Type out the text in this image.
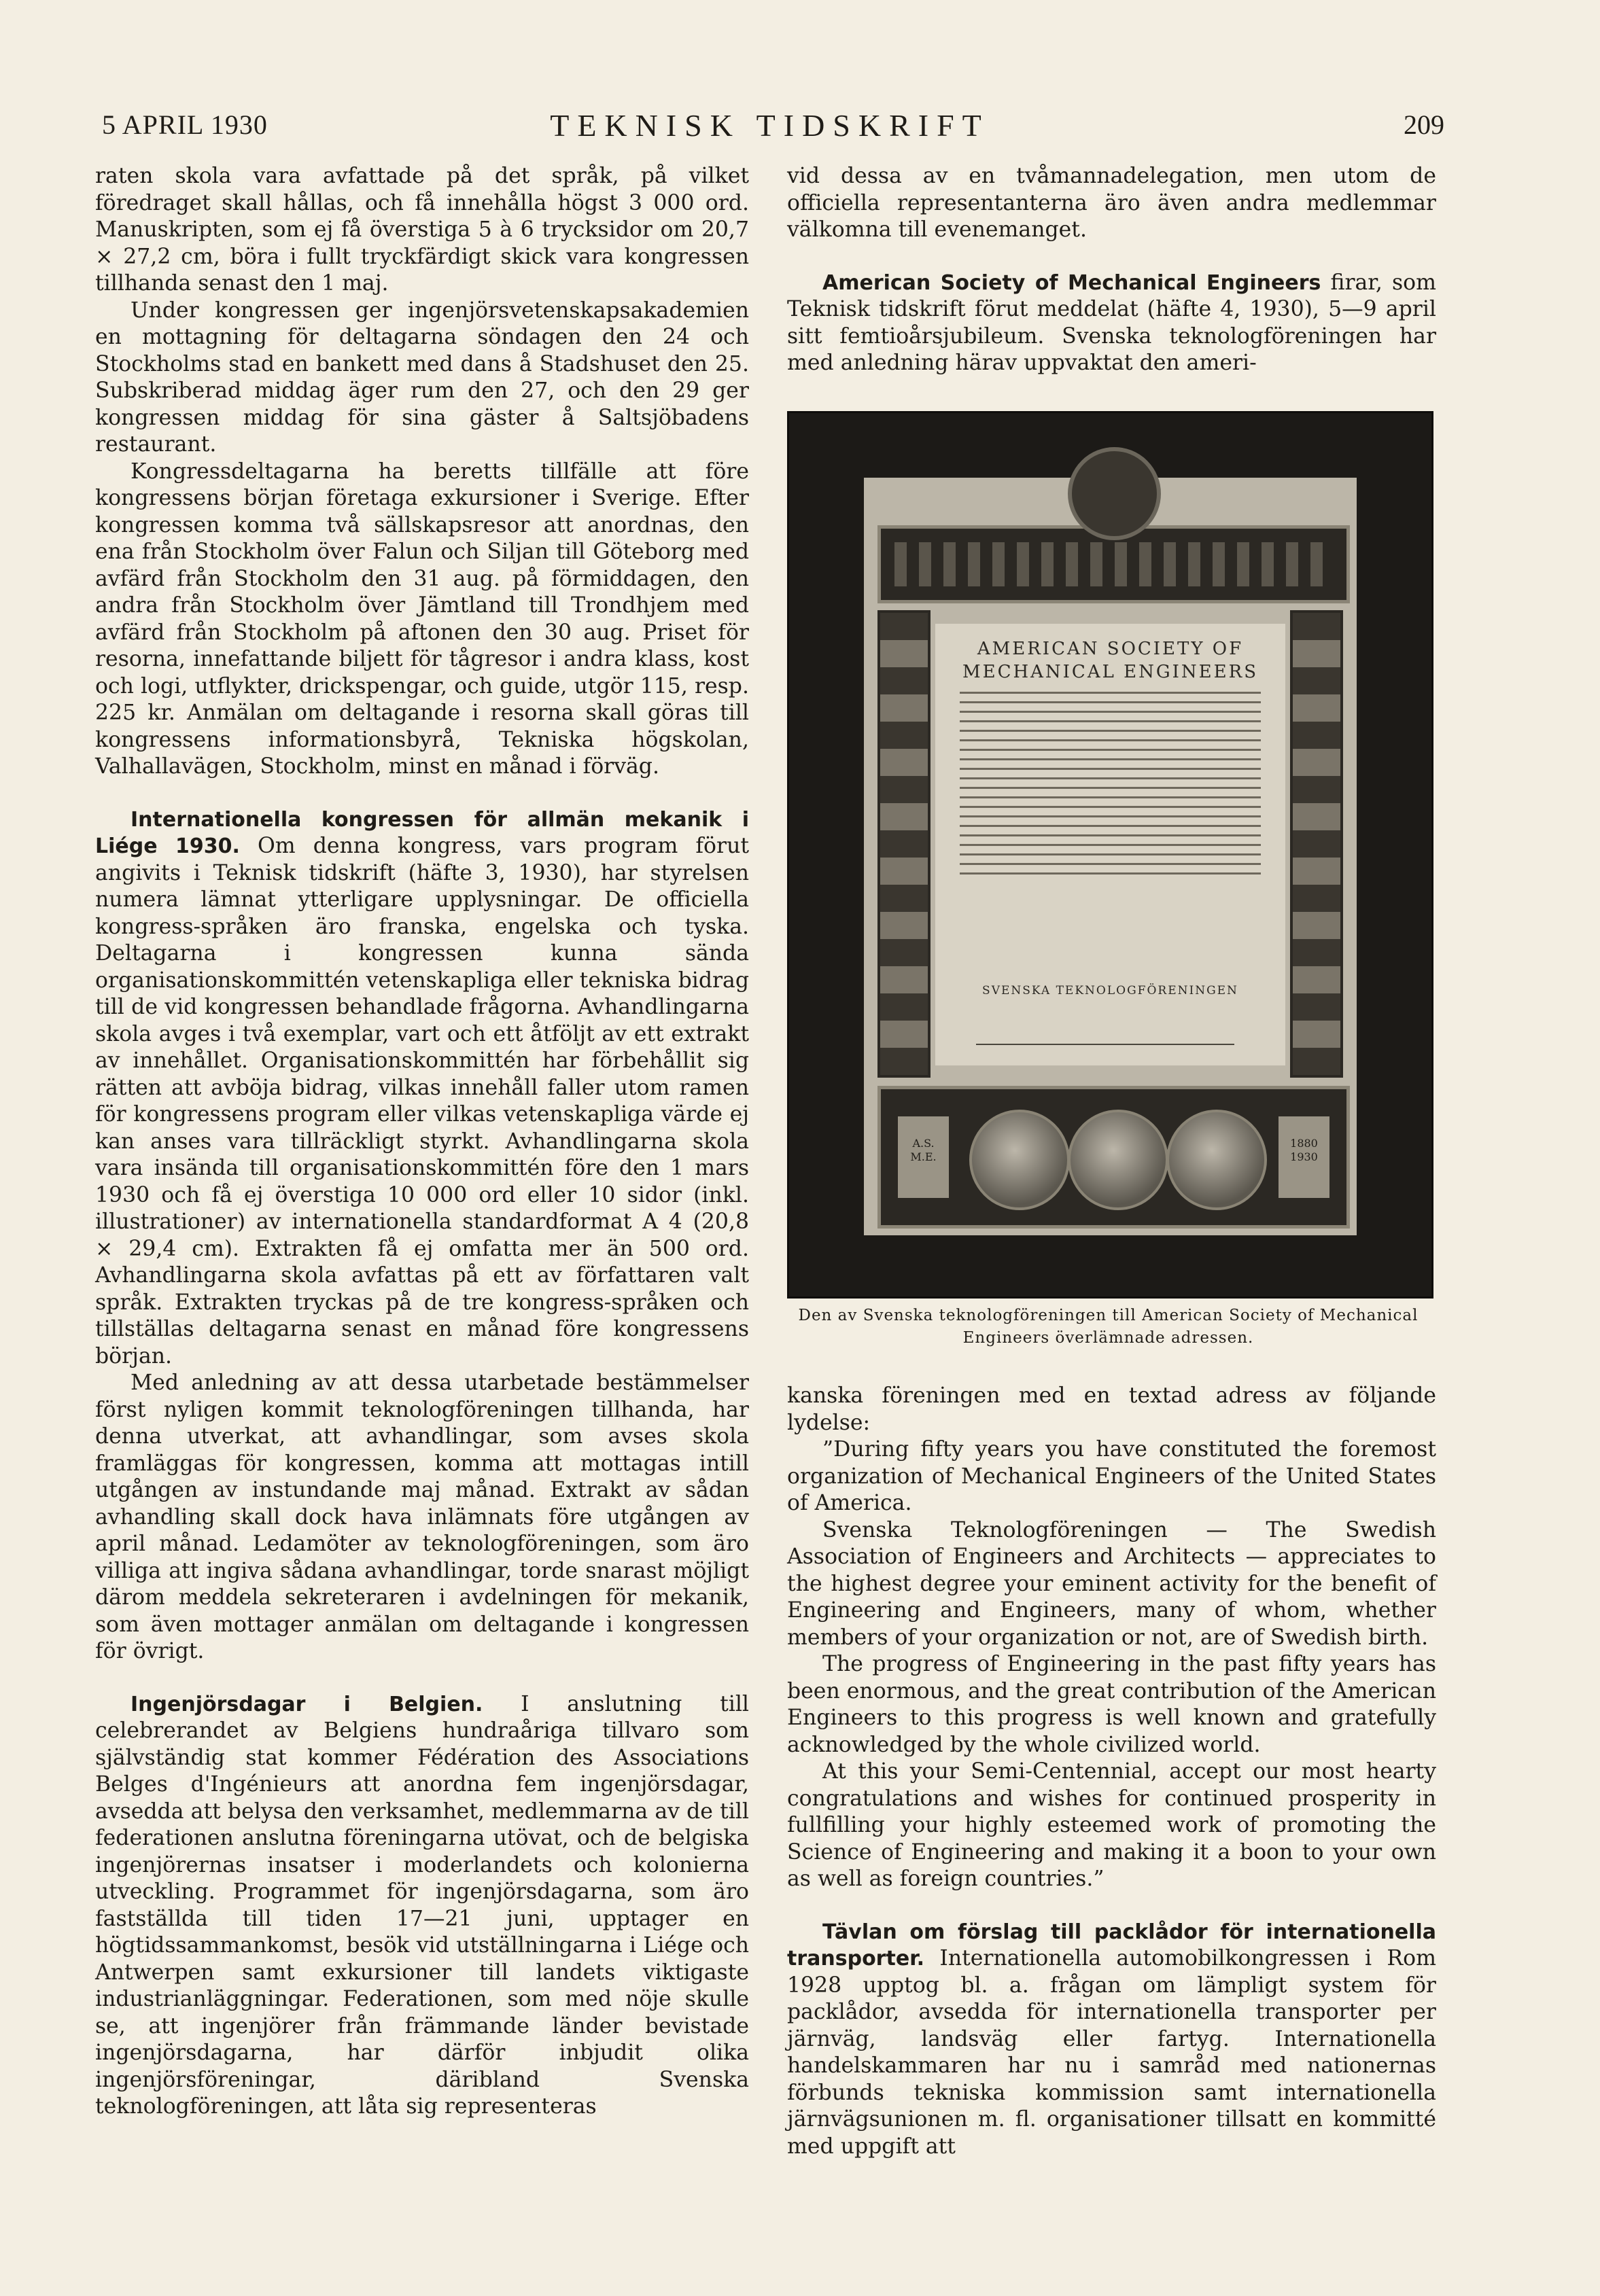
5 APRIL 1930	TEKNISK TIDSKRIFT	209

raten skola vara avfattade på det språk, på vilket föredraget skall hållas, och få innehålla högst 3 000 ord. Manuskripten, som ej få överstiga 5 à 6 trycksidor om 20,7 × 27,2 cm, böra i fullt tryckfärdigt skick vara kongressen tillhanda senast den 1 maj.

Under kongressen ger ingenjörsvetenskapsakademien en mottagning för deltagarna söndagen den 24 och Stockholms stad en bankett med dans å Stadshuset den 25. Subskriberad middag äger rum den 27, och den 29 ger kongressen middag för sina gäster å Saltsjöbadens restaurant.

Kongressdeltagarna ha beretts tillfälle att före kongressens början företaga exkursioner i Sverige. Efter kongressen komma två sällskapsresor att anordnas, den ena från Stockholm över Falun och Siljan till Göteborg med avfärd från Stockholm den 31 aug. på förmiddagen, den andra från Stockholm över Jämtland till Trondhjem med avfärd från Stockholm på aftonen den 30 aug. Priset för resorna, innefattande biljett för tågresor i andra klass, kost och logi, utflykter, drickspengar, och guide, utgör 115, resp. 225 kr. Anmälan om deltagande i resorna skall göras till kongressens informationsbyrå, Tekniska högskolan, Valhallavägen, Stockholm, minst en månad i förväg.

Internationella kongressen för allmän mekanik i Liége 1930. Om denna kongress, vars program förut angivits i Teknisk tidskrift (häfte 3, 1930), har styrelsen numera lämnat ytterligare upplysningar. De officiella kongress-språken äro franska, engelska och tyska. Deltagarna i kongressen kunna sända organisationskommittén vetenskapliga eller tekniska bidrag till de vid kongressen behandlade frågorna. Avhandlingarna skola avges i två exemplar, vart och ett åtföljt av ett extrakt av innehållet. Organisationskommittén har förbehållit sig rätten att avböja bidrag, vilkas innehåll faller utom ramen för kongressens program eller vilkas vetenskapliga värde ej kan anses vara tillräckligt styrkt. Avhandlingarna skola vara insända till organisationskommittén före den 1 mars 1930 och få ej överstiga 10 000 ord eller 10 sidor (inkl. illustrationer) av internationella standardformat A 4 (20,8 × 29,4 cm). Extrakten få ej omfatta mer än 500 ord. Avhandlingarna skola avfattas på ett av författaren valt språk. Extrakten tryckas på de tre kongress-språken och tillställas deltagarna senast en månad före kongressens början.

Med anledning av att dessa utarbetade bestämmelser först nyligen kommit teknologföreningen tillhanda, har denna utverkat, att avhandlingar, som avses skola framläggas för kongressen, komma att mottagas intill utgången av instundande maj månad. Extrakt av sådan avhandling skall dock hava inlämnats före utgången av april månad. Ledamöter av teknologföreningen, som äro villiga att ingiva sådana avhandlingar, torde snarast möjligt därom meddela sekreteraren i avdelningen för mekanik, som även mottager anmälan om deltagande i kongressen för övrigt.

Ingenjörsdagar i Belgien. I anslutning till celebrerandet av Belgiens hundraåriga tillvaro som självständig stat kommer Fédération des Associations Belges d'Ingénieurs att anordna fem ingenjörsdagar, avsedda att belysa den verksamhet, medlemmarna av de till federationen anslutna föreningarna utövat, och de belgiska ingenjörernas insatser i moderlandets och kolonierna utveckling. Programmet för ingenjörsdagarna, som äro fastställda till tiden 17—21 juni, upptager en högtidssammankomst, besök vid utställningarna i Liége och Antwerpen samt exkursioner till landets viktigaste industrianläggningar. Federationen, som med nöje skulle se, att ingenjörer från främmande länder bevistade ingenjörsdagarna, har därför inbjudit olika ingenjörsföreningar, däribland Svenska teknologföreningen, att låta sig representeras

vid dessa av en tvåmannadelegation, men utom de officiella representanterna äro även andra medlemmar välkomna till evenemanget.

American Society of Mechanical Engineers firar, som Teknisk tidskrift förut meddelat (häfte 4, 1930), 5—9 april sitt femtioårsjubileum. Svenska teknologföreningen har med anledning härav uppvaktat den ameri-

AMERICAN SOCIETY OF MECHANICAL ENGINEERS
SVENSKA TEKNOLOGFÖRENINGEN
A.S. M.E.
1880 1930
Den av Svenska teknologföreningen till American Society of Mechanical Engineers överlämnade adressen.

kanska föreningen med en textad adress av följande lydelse:

”During fifty years you have constituted the foremost organization of Mechanical Engineers of the United States of America.

Svenska Teknologföreningen — The Swedish Association of Engineers and Architects — appreciates to the highest degree your eminent activity for the benefit of Engineering and Engineers, many of whom, whether members of your organization or not, are of Swedish birth.

The progress of Engineering in the past fifty years has been enormous, and the great contribution of the American Engineers to this progress is well known and gratefully acknowledged by the whole civilized world.

At this your Semi-Centennial, accept our most hearty congratulations and wishes for continued prosperity in fullfilling your highly esteemed work of promoting the Science of Engineering and making it a boon to your own as well as foreign countries.”

Tävlan om förslag till packlådor för internationella transporter. Internationella automobilkongressen i Rom 1928 upptog bl. a. frågan om lämpligt system för packlådor, avsedda för internationella transporter per järnväg, landsväg eller fartyg. Internationella handelskammaren har nu i samråd med nationernas förbunds tekniska kommission samt internationella järnvägsunionen m. fl. organisationer tillsatt en kommitté med uppgift att
